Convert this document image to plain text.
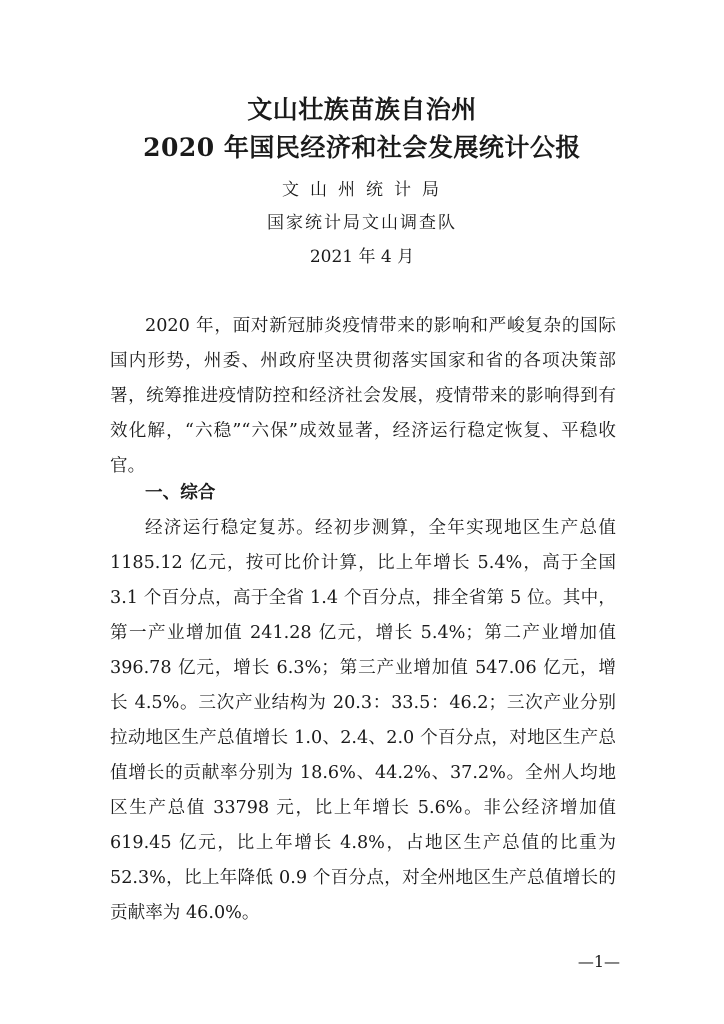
文山壮族苗族自治州
2020 年国民经济和社会发展统计公报

文山州统计局

国家统计局文山调查队

2021 年 4 月

2020 年，面对新冠肺炎疫情带来的影响和严峻复杂的国际国内形势，州委、州政府坚决贯彻落实国家和省的各项决策部署，统筹推进疫情防控和经济社会发展，疫情带来的影响得到有效化解，“六稳”“六保”成效显著，经济运行稳定恢复、平稳收官。

一、综合

经济运行稳定复苏。经初步测算，全年实现地区生产总值 1185.12 亿元，按可比价计算，比上年增长 5.4%，高于全国 3.1 个百分点，高于全省 1.4 个百分点，排全省第 5 位。其中，第一产业增加值 241.28 亿元，增长 5.4%；第二产业增加值 396.78 亿元，增长 6.3%；第三产业增加值 547.06 亿元，增长 4.5%。三次产业结构为 20.3：33.5：46.2；三次产业分别拉动地区生产总值增长 1.0、2.4、2.0 个百分点，对地区生产总值增长的贡献率分别为 18.6%、44.2%、37.2%。全州人均地区生产总值 33798 元，比上年增长 5.6%。非公经济增加值 619.45 亿元，比上年增长 4.8%，占地区生产总值的比重为 52.3%，比上年降低 0.9 个百分点，对全州地区生产总值增长的贡献率为 46.0%。

—1—
